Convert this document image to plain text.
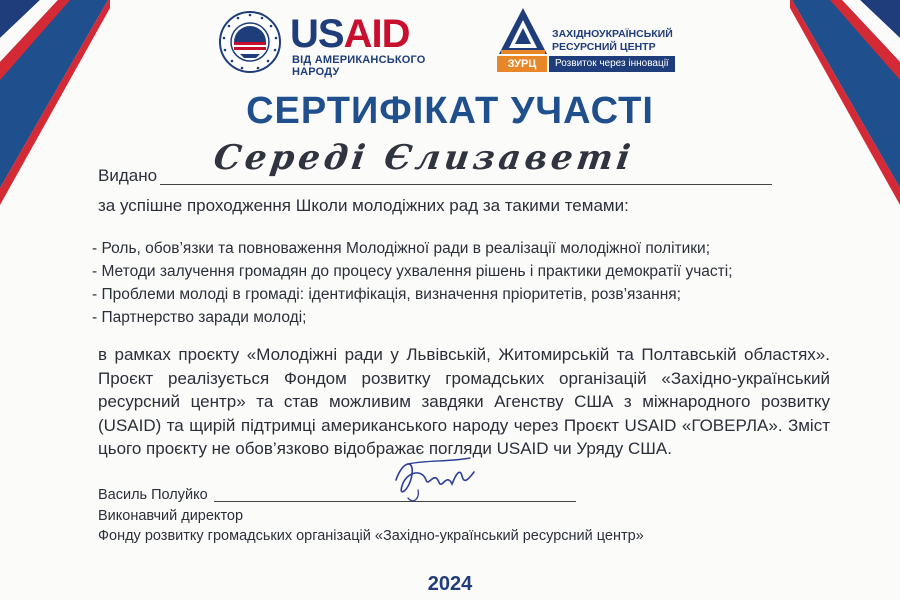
USAID
ВІД АМЕРИКАНСЬКОГО НАРОДУ
ЗАХІДНОУКРАЇНСЬКИЙ
РЕСУРСНИЙ ЦЕНТР
ЗУРЦ	Розвиток через інновації
СЕРТИФІКАТ УЧАСТІ
Видано Середі Єлизаветі
за успішне проходження Школи молодіжних рад за такими темами:
- Роль, обов’язки та повноваження Молодіжної ради в реалізації молодіжної політики;
- Методи залучення громадян до процесу ухвалення рішень і практики демократії участі;
- Проблеми молоді в громаді: ідентифікація, визначення пріоритетів, розв’язання;
- Партнерство заради молоді;
в рамках проєкту «Молодіжні ради у Львівській, Житомирській та Полтавській областях». Проєкт реалізується Фондом розвитку громадських організацій «Західно-український ресурсний центр» та став можливим завдяки Агенству США з міжнародного розвитку (USAID) та щирій підтримці американського народу через Проєкт USAID «ГОВЕРЛА». Зміст цього проєкту не обов’язково відображає погляди USAID чи Уряду США.
Василь Полуйко
Виконавчий директор
Фонду розвитку громадських організацій «Західно-український ресурсний центр»
2024
